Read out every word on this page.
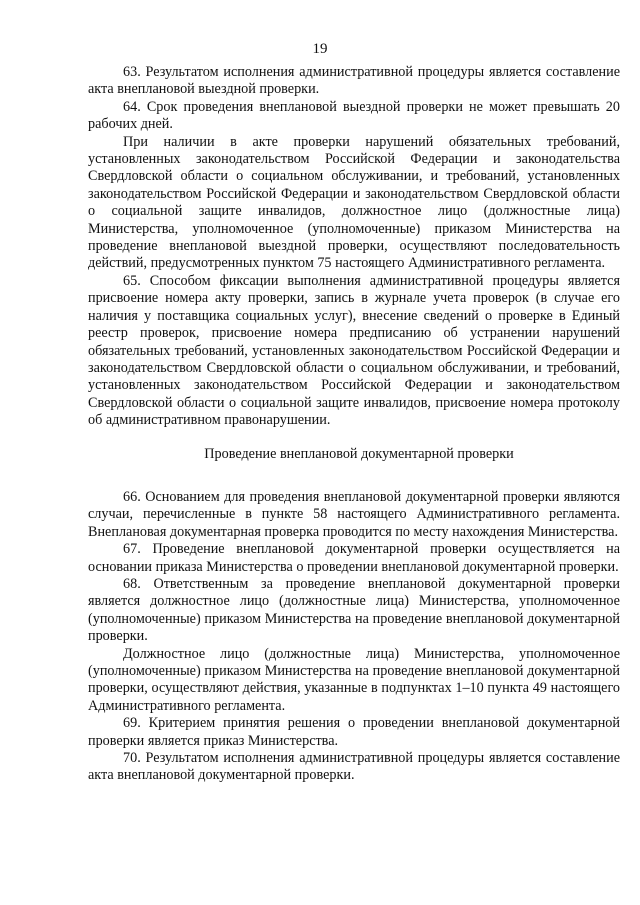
19

63. Результатом исполнения административной процедуры является составление акта внеплановой выездной проверки.

64. Срок проведения внеплановой выездной проверки не может превышать 20 рабочих дней.

При наличии в акте проверки нарушений обязательных требований, установленных законодательством Российской Федерации и законодательства Свердловской области о социальном обслуживании, и требований, установленных законодательством Российской Федерации и законодательством Свердловской области о социальной защите инвалидов, должностное лицо (должностные лица) Министерства, уполномоченное (уполномоченные) приказом Министерства на проведение внеплановой выездной проверки, осуществляют последовательность действий, предусмотренных пунктом 75 настоящего Административного регламента.

65. Способом фиксации выполнения административной процедуры является присвоение номера акту проверки, запись в журнале учета проверок (в случае его наличия у поставщика социальных услуг), внесение сведений о проверке в Единый реестр проверок, присвоение номера предписанию об устранении нарушений обязательных требований, установленных законодательством Российской Федерации и законодательством Свердловской области о социальном обслуживании, и требований, установленных законодательством Российской Федерации и законодательством Свердловской области о социальной защите инвалидов, присвоение номера протоколу об административном правонарушении.

Проведение внеплановой документарной проверки

66. Основанием для проведения внеплановой документарной проверки являются случаи, перечисленные в пункте 58 настоящего Административного регламента. Внеплановая документарная проверка проводится по месту нахождения Министерства.

67. Проведение внеплановой документарной проверки осуществляется на основании приказа Министерства о проведении внеплановой документарной проверки.

68. Ответственным за проведение внеплановой документарной проверки является должностное лицо (должностные лица) Министерства, уполномоченное (уполномоченные) приказом Министерства на проведение внеплановой документарной проверки.

Должностное лицо (должностные лица) Министерства, уполномоченное (уполномоченные) приказом Министерства на проведение внеплановой документарной проверки, осуществляют действия, указанные в подпунктах 1–10 пункта 49 настоящего Административного регламента.

69. Критерием принятия решения о проведении внеплановой документарной проверки является приказ Министерства.

70. Результатом исполнения административной процедуры является составление акта внеплановой документарной проверки.
